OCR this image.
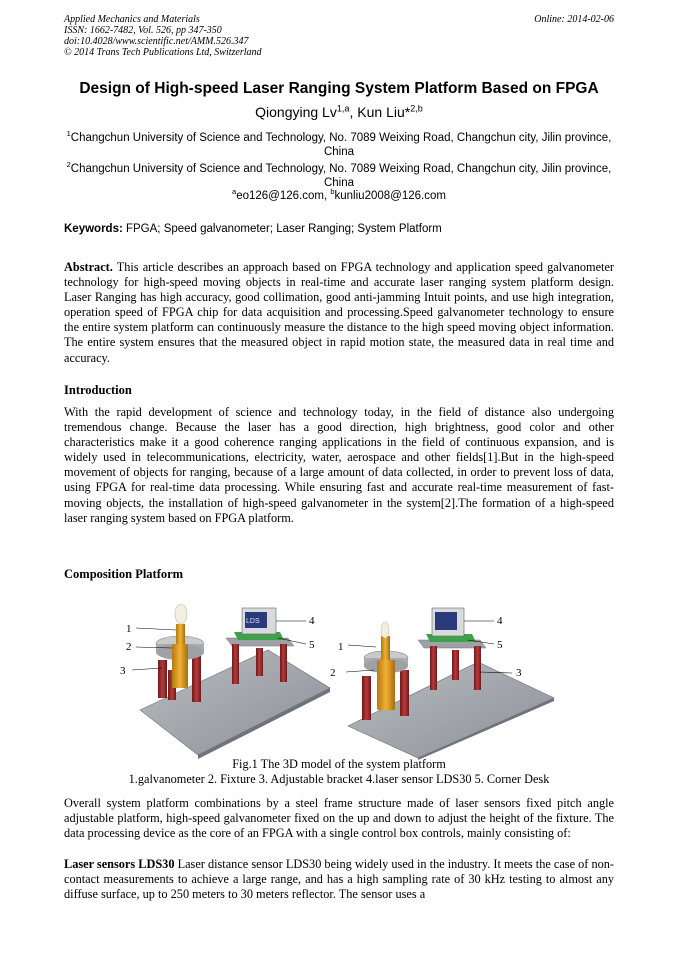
Applied Mechanics and Materials
ISSN: 1662-7482, Vol. 526, pp 347-350
doi:10.4028/www.scientific.net/AMM.526.347
© 2014 Trans Tech Publications Ltd, Switzerland
Online: 2014-02-06
Design of High-speed Laser Ranging System Platform Based on FPGA
Qiongying Lv$^{1,a}$, Kun Liu*$^{2,b}$
$^1$Changchun University of Science and Technology, No. 7089 Weixing Road, Changchun city, Jilin province, China
$^2$Changchun University of Science and Technology, No. 7089 Weixing Road, Changchun city, Jilin province, China
$^a$eo126@126.com, $^b$kunliu2008@126.com
Keywords: FPGA; Speed galvanometer; Laser Ranging; System Platform
Abstract. This article describes an approach based on FPGA technology and application speed galvanometer technology for high-speed moving objects in real-time and accurate laser ranging system platform design. Laser Ranging has high accuracy, good collimation, good anti-jamming Intuit points, and use high integration, operation speed of FPGA chip for data acquisition and processing.Speed galvanometer technology to ensure the entire system platform can continuously measure the distance to the high speed moving object information. The entire system ensures that the measured object in rapid motion state, the measured data in real time and accuracy.
Introduction
With the rapid development of science and technology today, in the field of distance also undergoing tremendous change. Because the laser has a good direction, high brightness, good color and other characteristics make it a good coherence ranging applications in the field of continuous expansion, and is widely used in telecommunications, electricity, water, aerospace and other fields[1].But in the high-speed movement of objects for ranging, because of a large amount of data collected, in order to prevent loss of data, using FPGA for real-time data processing. While ensuring fast and accurate real-time measurement of fast-moving objects, the installation of high-speed galvanometer in the system[2].The formation of a high-speed laser ranging system based on FPGA platform.
Composition Platform
LDS
1
2
3
4
5 1
2	3
4
5
Fig.1 The 3D model of the system platform
1.galvanometer 2. Fixture 3. Adjustable bracket 4.laser sensor LDS30 5. Corner Desk
Overall system platform combinations by a steel frame structure made of laser sensors fixed pitch angle adjustable platform, high-speed galvanometer fixed on the up and down to adjust the height of the fixture. The data processing device as the core of an FPGA with a single control box controls, mainly consisting of:
Laser sensors LDS30 Laser distance sensor LDS30 being widely used in the industry. It meets the case of non-contact measurements to achieve a large range, and has a high sampling rate of 30 kHz testing to almost any diffuse surface, up to 250 meters to 30 meters reflector. The sensor uses a
